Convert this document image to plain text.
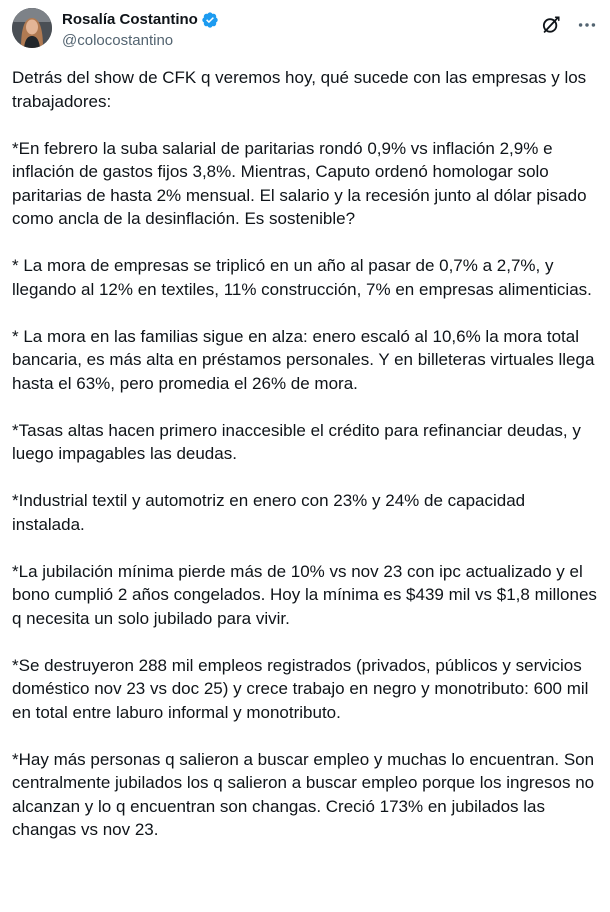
Rosalía Costantino
@colocostantino

Detrás del show de CFK q veremos hoy, qué sucede con las empresas y los trabajadores:

*En febrero la suba salarial de paritarias rondó 0,9% vs inflación 2,9% e inflación de gastos fijos 3,8%. Mientras, Caputo ordenó homologar solo paritarias de hasta 2% mensual. El salario y la recesión junto al dólar pisado como ancla de la desinflación. Es sostenible?

* La mora de empresas se triplicó en un año al pasar de 0,7% a 2,7%, y llegando al 12% en textiles, 11% construcción, 7% en empresas alimenticias.

* La mora en las familias sigue en alza: enero escaló al 10,6% la mora total bancaria, es más alta en préstamos personales. Y en billeteras virtuales llega hasta el 63%, pero promedia el 26% de mora.

*Tasas altas hacen primero inaccesible el crédito para refinanciar deudas, y luego impagables las deudas.

*Industrial textil y automotriz en enero con 23% y 24% de capacidad instalada.

*La jubilación mínima pierde más de 10% vs nov 23 con ipc actualizado y el bono cumplió 2 años congelados. Hoy la mínima es $439 mil vs $1,8 millones q necesita un solo jubilado para vivir.

*Se destruyeron 288 mil empleos registrados (privados, públicos y servicios doméstico nov 23 vs doc 25) y crece trabajo en negro y monotributo: 600 mil en total entre laburo informal y monotributo.

*Hay más personas q salieron a buscar empleo y muchas lo encuentran. Son centralmente jubilados los q salieron a buscar empleo porque los ingresos no alcanzan y lo q encuentran son changas. Creció 173% en jubilados las changas vs nov 23.
